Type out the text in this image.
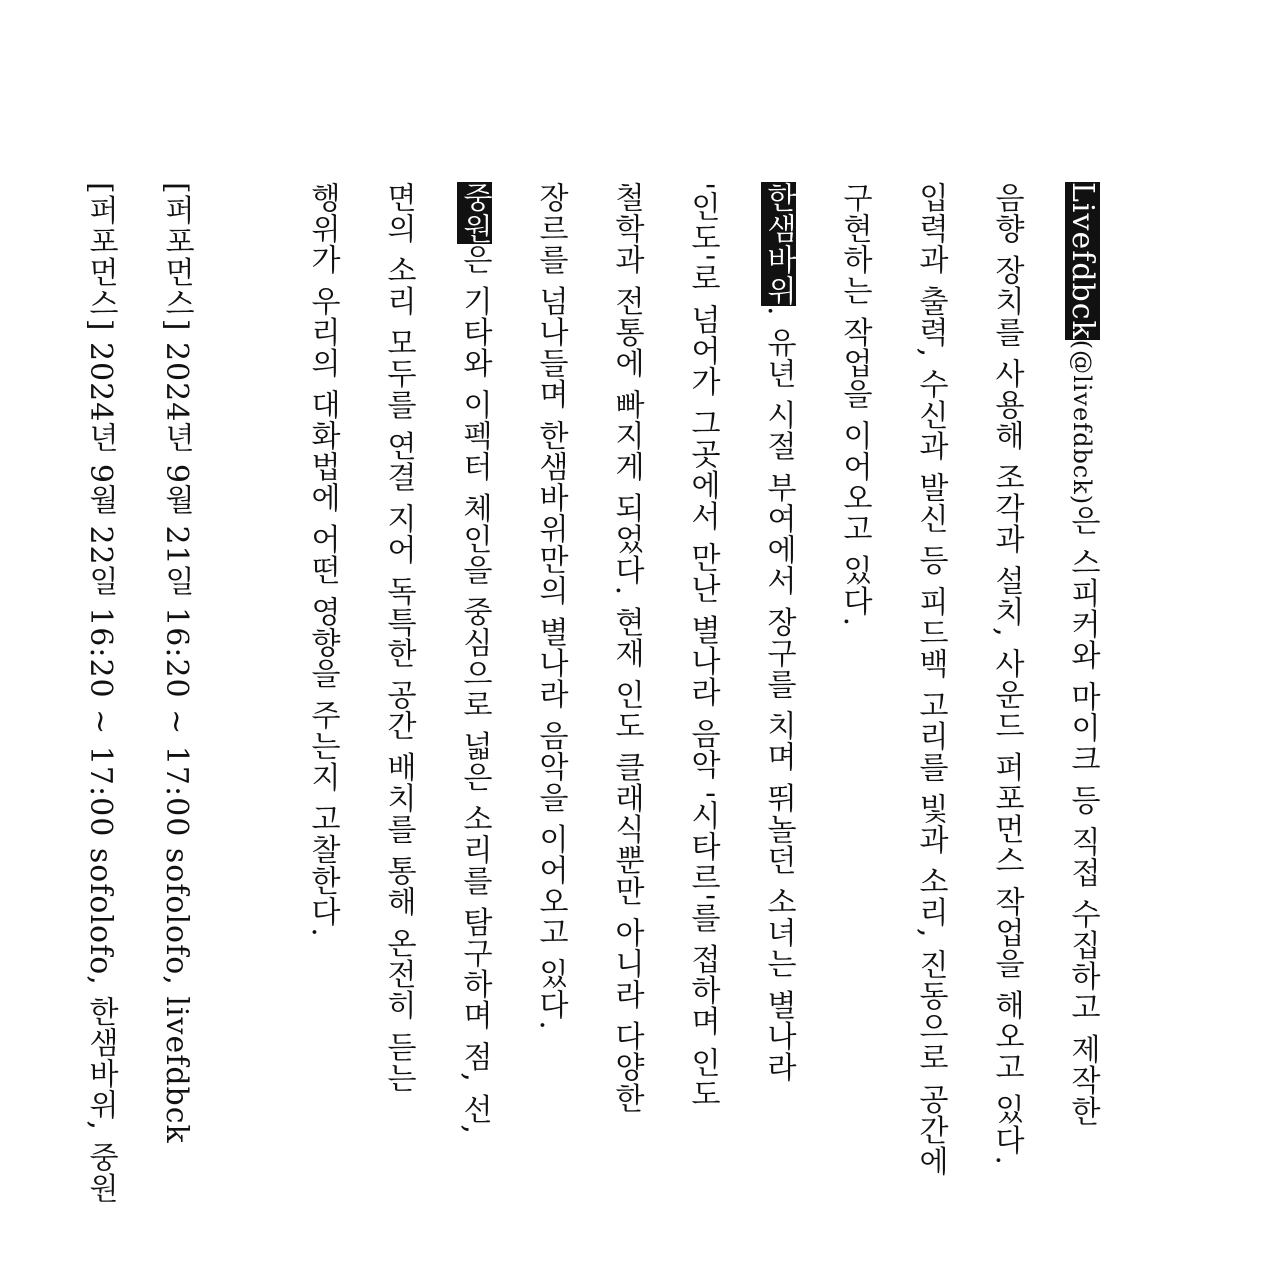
Livefdbck(@livefdbck)은 스피커와 마이크 등 직접 수집하고 제작한
음향 장치를 사용해 조각과 설치, 사운드 퍼포먼스 작업을 해오고 있다.
입력과 출력, 수신과 발신 등 피드백 고리를 빛과 소리, 진동으로 공간에
구현하는 작업을 이어오고 있다.
한샘바위. 유년 시절 부여에서 장구를 치며 뛰놀던 소녀는 별나라
'인도'로 넘어가 그곳에서 만난 별나라 음악 '시타르'를 접하며 인도
철학과 전통에 빠지게 되었다. 현재 인도 클래식뿐만 아니라 다양한
장르를 넘나들며 한샘바위만의 별나라 음악을 이어오고 있다.
중원은 기타와 이펙터 체인을 중심으로 넓은 소리를 탐구하며 점, 선,
면의 소리 모두를 연결 지어 독특한 공간 배치를 통해 온전히 듣는
행위가 우리의 대화법에 어떤 영향을 주는지 고찰한다.
[퍼포먼스] 2024년 9월 21일 16:20 ~ 17:00 sofolofo, livefdbck
[퍼포먼스] 2024년 9월 22일 16:20 ~ 17:00 sofolofo, 한샘바위, 중원
